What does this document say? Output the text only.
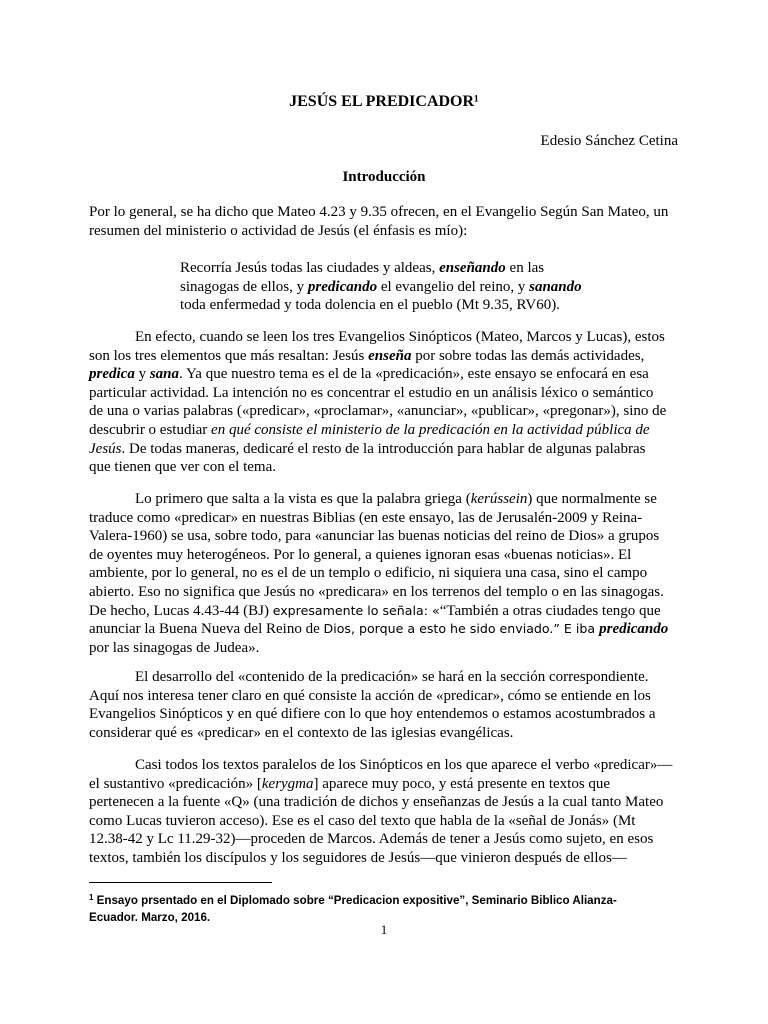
JESÚS EL PREDICADOR¹
Edesio Sánchez Cetina
Introducción
Por lo general, se ha dicho que Mateo 4.23 y 9.35 ofrecen, en el Evangelio Según San Mateo, un
resumen del ministerio o actividad de Jesús (el énfasis es mío):
Recorría Jesús todas las ciudades y aldeas, enseñando en las
sinagogas de ellos, y predicando el evangelio del reino, y sanando
toda enfermedad y toda dolencia en el pueblo (Mt 9.35, RV60).
En efecto, cuando se leen los tres Evangelios Sinópticos (Mateo, Marcos y Lucas), estos
son los tres elementos que más resaltan: Jesús enseña por sobre todas las demás actividades,
predica y sana. Ya que nuestro tema es el de la «predicación», este ensayo se enfocará en esa
particular actividad. La intención no es concentrar el estudio en un análisis léxico o semántico
de una o varias palabras («predicar», «proclamar», «anunciar», «publicar», «pregonar»), sino de
descubrir o estudiar en qué consiste el ministerio de la predicación en la actividad pública de
Jesús. De todas maneras, dedicaré el resto de la introducción para hablar de algunas palabras
que tienen que ver con el tema.
Lo primero que salta a la vista es que la palabra griega (kerússein) que normalmente se
traduce como «predicar» en nuestras Biblias (en este ensayo, las de Jerusalén-2009 y Reina-
Valera-1960) se usa, sobre todo, para «anunciar las buenas noticias del reino de Dios» a grupos
de oyentes muy heterogéneos. Por lo general, a quienes ignoran esas «buenas noticias». El
ambiente, por lo general, no es el de un templo o edificio, ni siquiera una casa, sino el campo
abierto. Eso no significa que Jesús no «predicara» en los terrenos del templo o en las sinagogas.
De hecho, Lucas 4.43-44 (BJ) expresamente lo señala: «“También a otras ciudades tengo que
anunciar la Buena Nueva del Reino de Dios, porque a esto he sido enviado.” E iba predicando
por las sinagogas de Judea».
El desarrollo del «contenido de la predicación» se hará en la sección correspondiente.
Aquí nos interesa tener claro en qué consiste la acción de «predicar», cómo se entiende en los
Evangelios Sinópticos y en qué difiere con lo que hoy entendemos o estamos acostumbrados a
considerar qué es «predicar» en el contexto de las iglesias evangélicas.
Casi todos los textos paralelos de los Sinópticos en los que aparece el verbo «predicar»—
el sustantivo «predicación» [kerygma] aparece muy poco, y está presente en textos que
pertenecen a la fuente «Q» (una tradición de dichos y enseñanzas de Jesús a la cual tanto Mateo
como Lucas tuvieron acceso). Ese es el caso del texto que habla de la «señal de Jonás» (Mt
12.38-42 y Lc 11.29-32)—proceden de Marcos. Además de tener a Jesús como sujeto, en esos
textos, también los discípulos y los seguidores de Jesús—que vinieron después de ellos—
$^1$ Ensayo prsentado en el Diplomado sobre “Predicacion expositive”, Seminario Biblico Alianza-
Ecuador. Marzo, 2016.
1
